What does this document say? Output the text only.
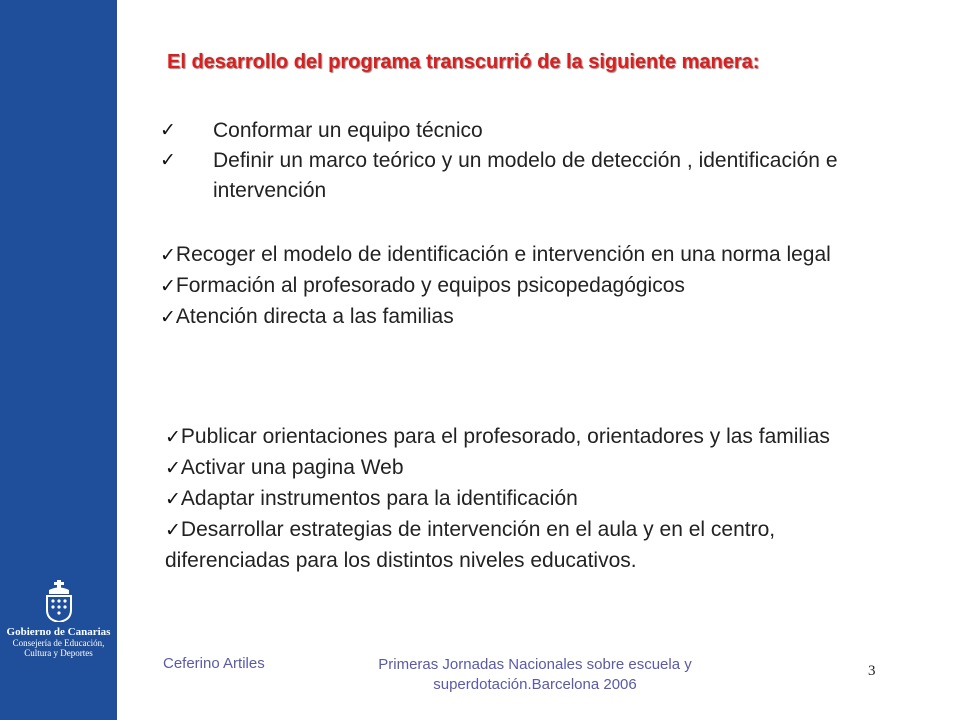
Gobierno de Canarias
Consejería de Educación,
Cultura y Deportes
El desarrollo del programa transcurrió de la siguiente manera:
✓ Conformar un equipo técnico
✓ Definir un marco teórico y un modelo de detección , identificación e intervención
✓Recoger el modelo de identificación e intervención en una norma legal
✓Formación al profesorado y equipos psicopedagógicos
✓Atención directa a las familias
✓Publicar orientaciones para el profesorado, orientadores y las familias
✓Activar una pagina Web
✓Adaptar instrumentos para la identificación
✓Desarrollar estrategias de intervención en el aula y en el centro, diferenciadas para los distintos niveles educativos.
Ceferino Artiles	Primeras Jornadas Nacionales sobre escuela y superdotación.Barcelona 2006
3
